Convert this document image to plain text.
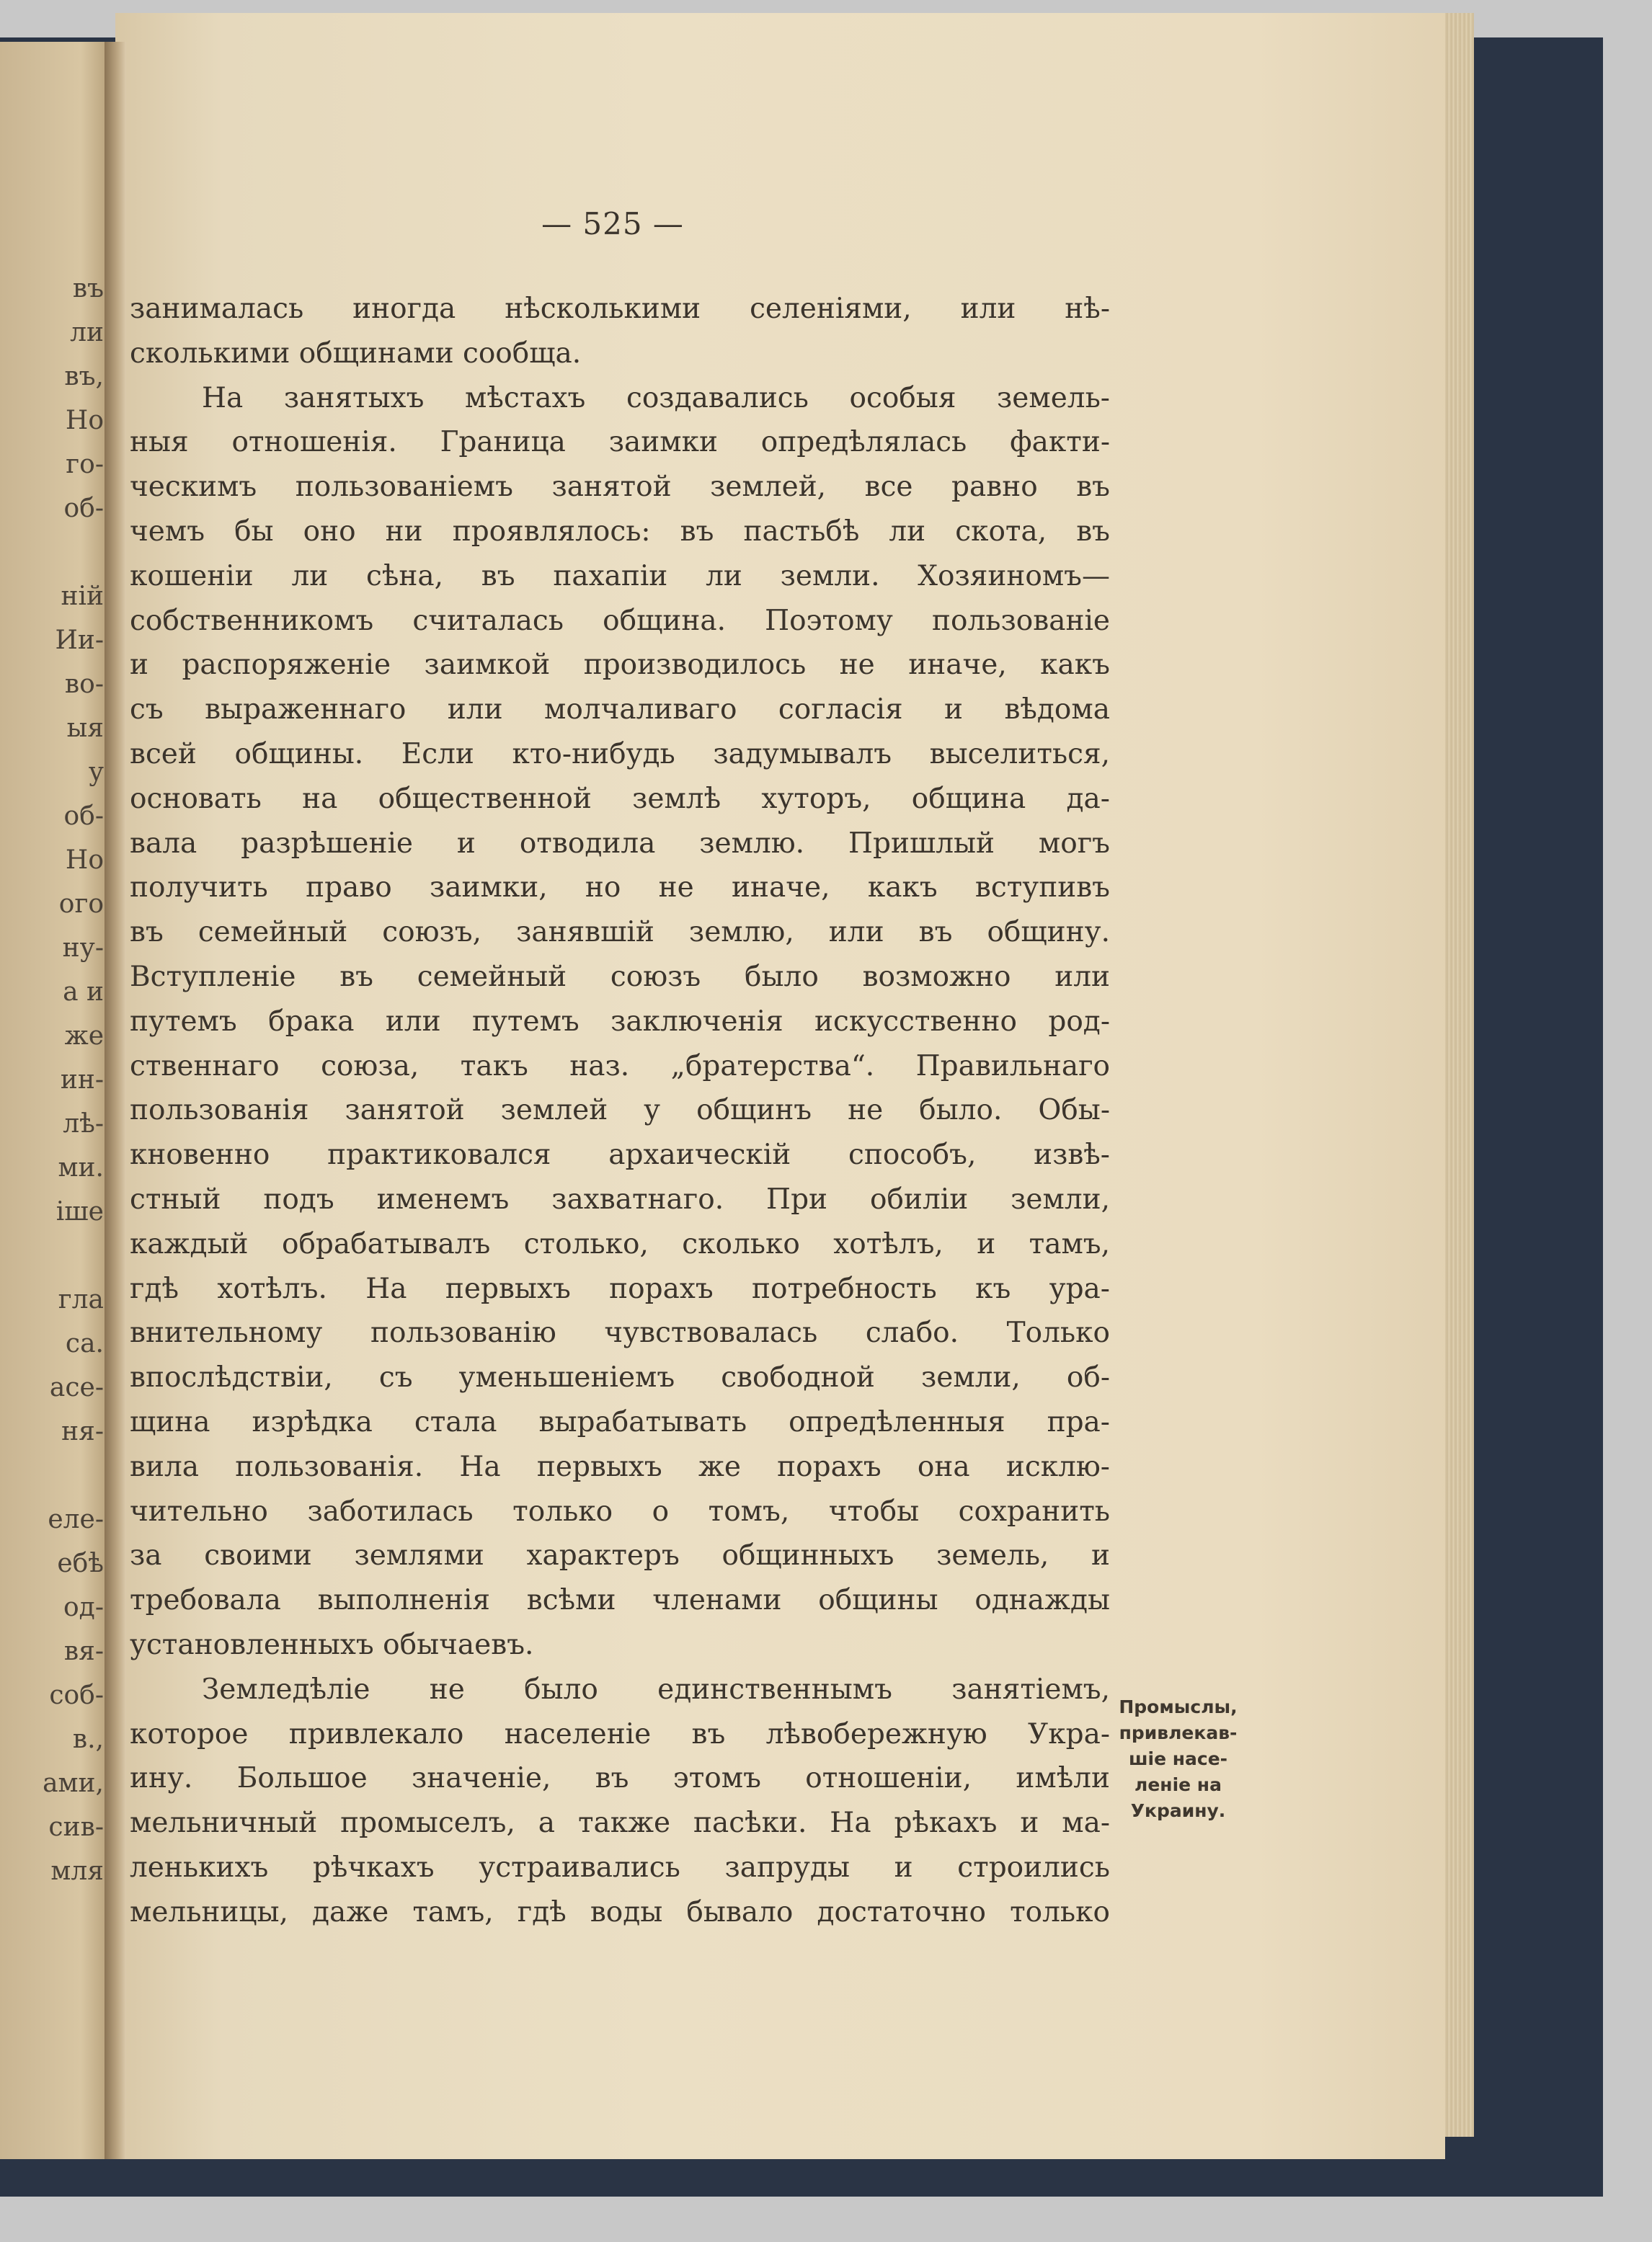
въ
ли
въ,
Но
го-
об-
ній
Ии-
во-
ыя
у
об-
Но
ого
ну-
а и
же
ин-
лѣ-
ми.
іше
гла
са.
асе-
ня-
еле-
ебѣ
од-
вя-
соб-
в.,
ами,
сив-
мля
— 525 —
занималась иногда нѣсколькими селеніями, или нѣ-
сколькими общинами сообща.
На занятыхъ мѣстахъ создавались особыя земель-
ныя отношенія. Граница заимки опредѣлялась факти-
ческимъ пользованіемъ занятой землей, все равно въ
чемъ бы оно ни проявлялось: въ пастьбѣ ли скота, въ
кошеніи ли сѣна, въ пахапіи ли земли. Хозяиномъ—
собственникомъ считалась община. Поэтому пользованіе
и распоряженіе заимкой производилось не иначе, какъ
съ выраженнаго или молчаливаго согласія и вѣдома
всей общины. Если кто-нибудь задумывалъ выселиться,
основать на общественной землѣ хуторъ, община да-
вала разрѣшеніе и отводила землю. Пришлый могъ
получить право заимки, но не иначе, какъ вступивъ
въ семейный союзъ, занявшій землю, или въ общину.
Вступленіе въ семейный союзъ было возможно или
путемъ брака или путемъ заключенія искусственно род-
ственнаго союза, такъ наз. „братерства“. Правильнаго
пользованія занятой землей у общинъ не было. Обы-
кновенно практиковался архаическій способъ, извѣ-
стный подъ именемъ захватнаго. При обиліи земли,
каждый обрабатывалъ столько, сколько хотѣлъ, и тамъ,
гдѣ хотѣлъ. На первыхъ порахъ потребность къ ура-
внительному пользованію чувствовалась слабо. Только
впослѣдствіи, съ уменьшеніемъ свободной земли, об-
щина изрѣдка стала вырабатывать опредѣленныя пра-
вила пользованія. На первыхъ же порахъ она исклю-
чительно заботилась только о томъ, чтобы сохранить
за своими землями характеръ общинныхъ земель, и
требовала выполненія всѣми членами общины однажды
установленныхъ обычаевъ.
Земледѣліе не было единственнымъ занятіемъ,
которое привлекало населеніе въ лѣвобережную Укра-
ину. Большое значеніе, въ этомъ отношеніи, имѣли
мельничный промыселъ, а также пасѣки. На рѣкахъ и ма-
ленькихъ рѣчкахъ устраивались запруды и строились
мельницы, даже тамъ, гдѣ воды бывало достаточно только
Промыслы,
привлекав-
шіе насе-
леніе на
Украину.
